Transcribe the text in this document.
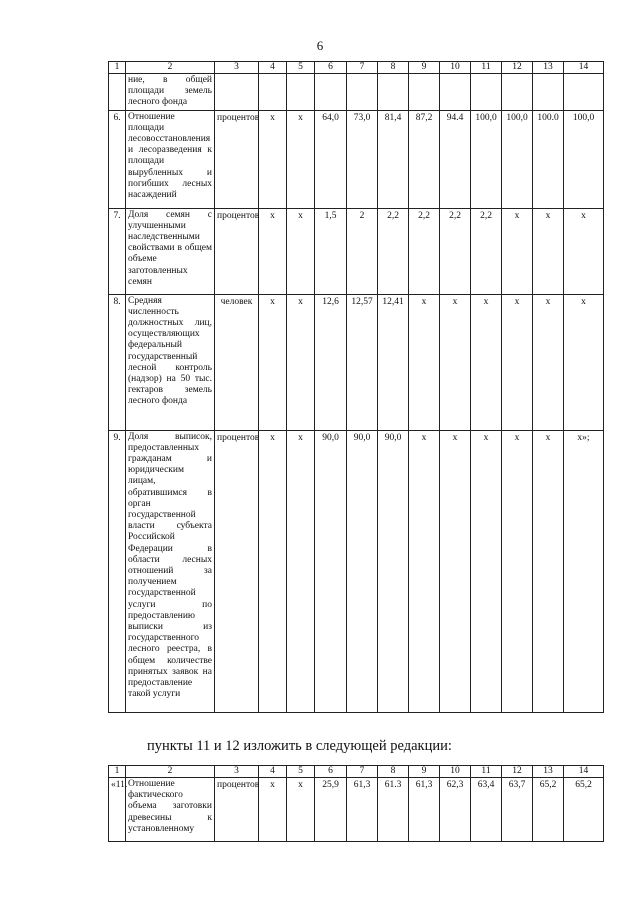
6
1	2	3	4	5	6	7	8	9	10	11	12	13	14
	ние, в общей площади земель лесного фонда												
6.	Отношение площади лесовосстановления и лесоразведения к площади вырубленных и погибших лесных насаждений	процентов	x	x	64,0	73,0	81,4	87,2	94.4	100,0	100,0	100.0	100,0
7.	Доля семян с улучшенными наследственными свойствами в общем объеме заготовленных семян	процентов	x	x	1,5	2	2,2	2,2	2,2	2,2	x	x	x
8.	Средняя численность должностных лиц, осуществляющих федеральный государственный лесной контроль (надзор) на 50 тыс. гектаров земель лесного фонда	человек	x	x	12,6	12,57	12,41	x	x	x	x	x	x
9.	Доля выписок, предоставленных гражданам и юридическим лицам, обратившимся в орган государственной власти субъекта Российской Федерации в области лесных отношений за получением государственной услуги по предоставлению выписки из государственного лесного реестра, в общем количестве принятых заявок на предоставление такой услуги	процентов	x	x	90,0	90,0	90,0	x	x	x	x	x	x»;
пункты 11 и 12 изложить в следующей редакции:
1	2	3	4	5	6	7	8	9	10	11	12	13	14
«11.	Отношение фактического объема заготовки древесины к установленному	процентов	x	x	25,9	61,3	61.3	61,3	62,3	63,4	63,7	65,2	65,2
